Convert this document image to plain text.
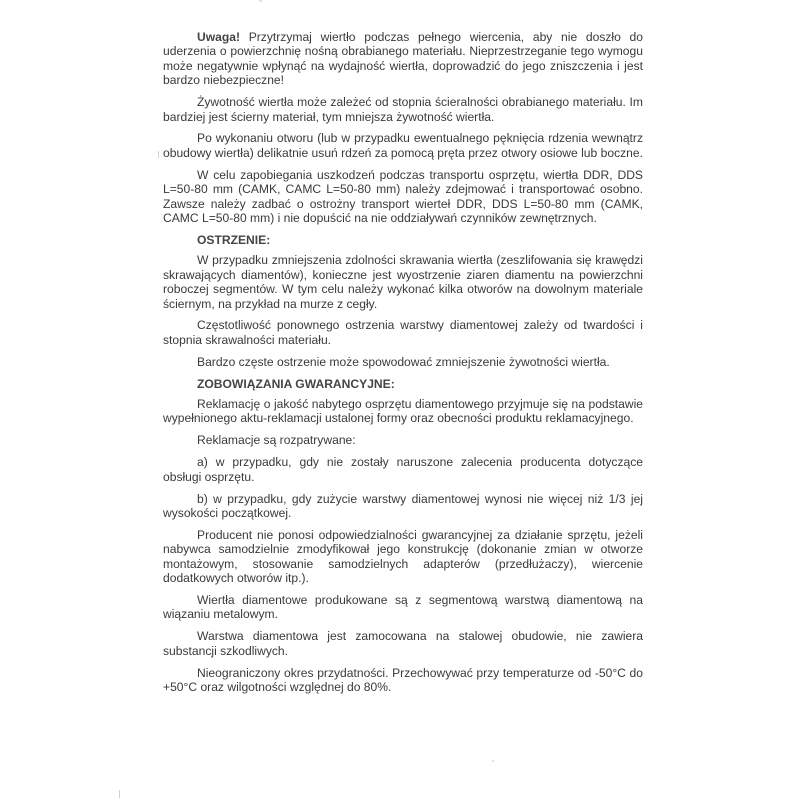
Uwaga! Przytrzymaj wiertło podczas pełnego wiercenia, aby nie doszło do uderzenia o powierzchnię nośną obrabianego materiału. Nieprzestrzeganie tego wymogu może negatywnie wpłynąć na wydajność wiertła, doprowadzić do jego zniszczenia i jest bardzo niebezpieczne!

Żywotność wiertła może zależeć od stopnia ścieralności obrabianego materiału. Im bardziej jest ścierny materiał, tym mniejsza żywotność wiertła.

Po wykonaniu otworu (lub w przypadku ewentualnego pęknięcia rdzenia wewnątrz obudowy wiertła) delikatnie usuń rdzeń za pomocą pręta przez otwory osiowe lub boczne.

W celu zapobiegania uszkodzeń podczas transportu osprzętu, wiertła DDR, DDS L=50-80 mm (CAMK, CAMC L=50-80 mm) należy zdejmować i transportować osobno. Zawsze należy zadbać o ostrożny transport wierteł DDR, DDS L=50-80 mm (CAMK, CAMC L=50-80 mm) i nie dopuścić na nie oddziaływań czynników zewnętrznych.

OSTRZENIE:

W przypadku zmniejszenia zdolności skrawania wiertła (zeszlifowania się krawędzi skrawających diamentów), konieczne jest wyostrzenie ziaren diamentu na powierzchni roboczej segmentów. W tym celu należy wykonać kilka otworów na dowolnym materiale ściernym, na przykład na murze z cegły.

Częstotliwość ponownego ostrzenia warstwy diamentowej zależy od twardości i stopnia skrawalności materiału.

Bardzo częste ostrzenie może spowodować zmniejszenie żywotności wiertła.

ZOBOWIĄZANIA GWARANCYJNE:

Reklamację o jakość nabytego osprzętu diamentowego przyjmuje się na podstawie wypełnionego aktu-reklamacji ustalonej formy oraz obecności produktu reklamacyjnego.

Reklamacje są rozpatrywane:

a) w przypadku, gdy nie zostały naruszone zalecenia producenta dotyczące obsługi osprzętu.

b) w przypadku, gdy zużycie warstwy diamentowej wynosi nie więcej niż 1/3 jej wysokości początkowej.

Producent nie ponosi odpowiedzialności gwarancyjnej za działanie sprzętu, jeżeli nabywca samodzielnie zmodyfikował jego konstrukcję (dokonanie zmian w otworze montażowym, stosowanie samodzielnych adapterów (przedłużaczy), wiercenie dodatkowych otworów itp.).

Wiertła diamentowe produkowane są z segmentową warstwą diamentową na wiązaniu metalowym.

Warstwa diamentowa jest zamocowana na stalowej obudowie, nie zawiera substancji szkodliwych.

Nieograniczony okres przydatności. Przechowywać przy temperaturze od -50°C do +50°C oraz wilgotności względnej do 80%.
